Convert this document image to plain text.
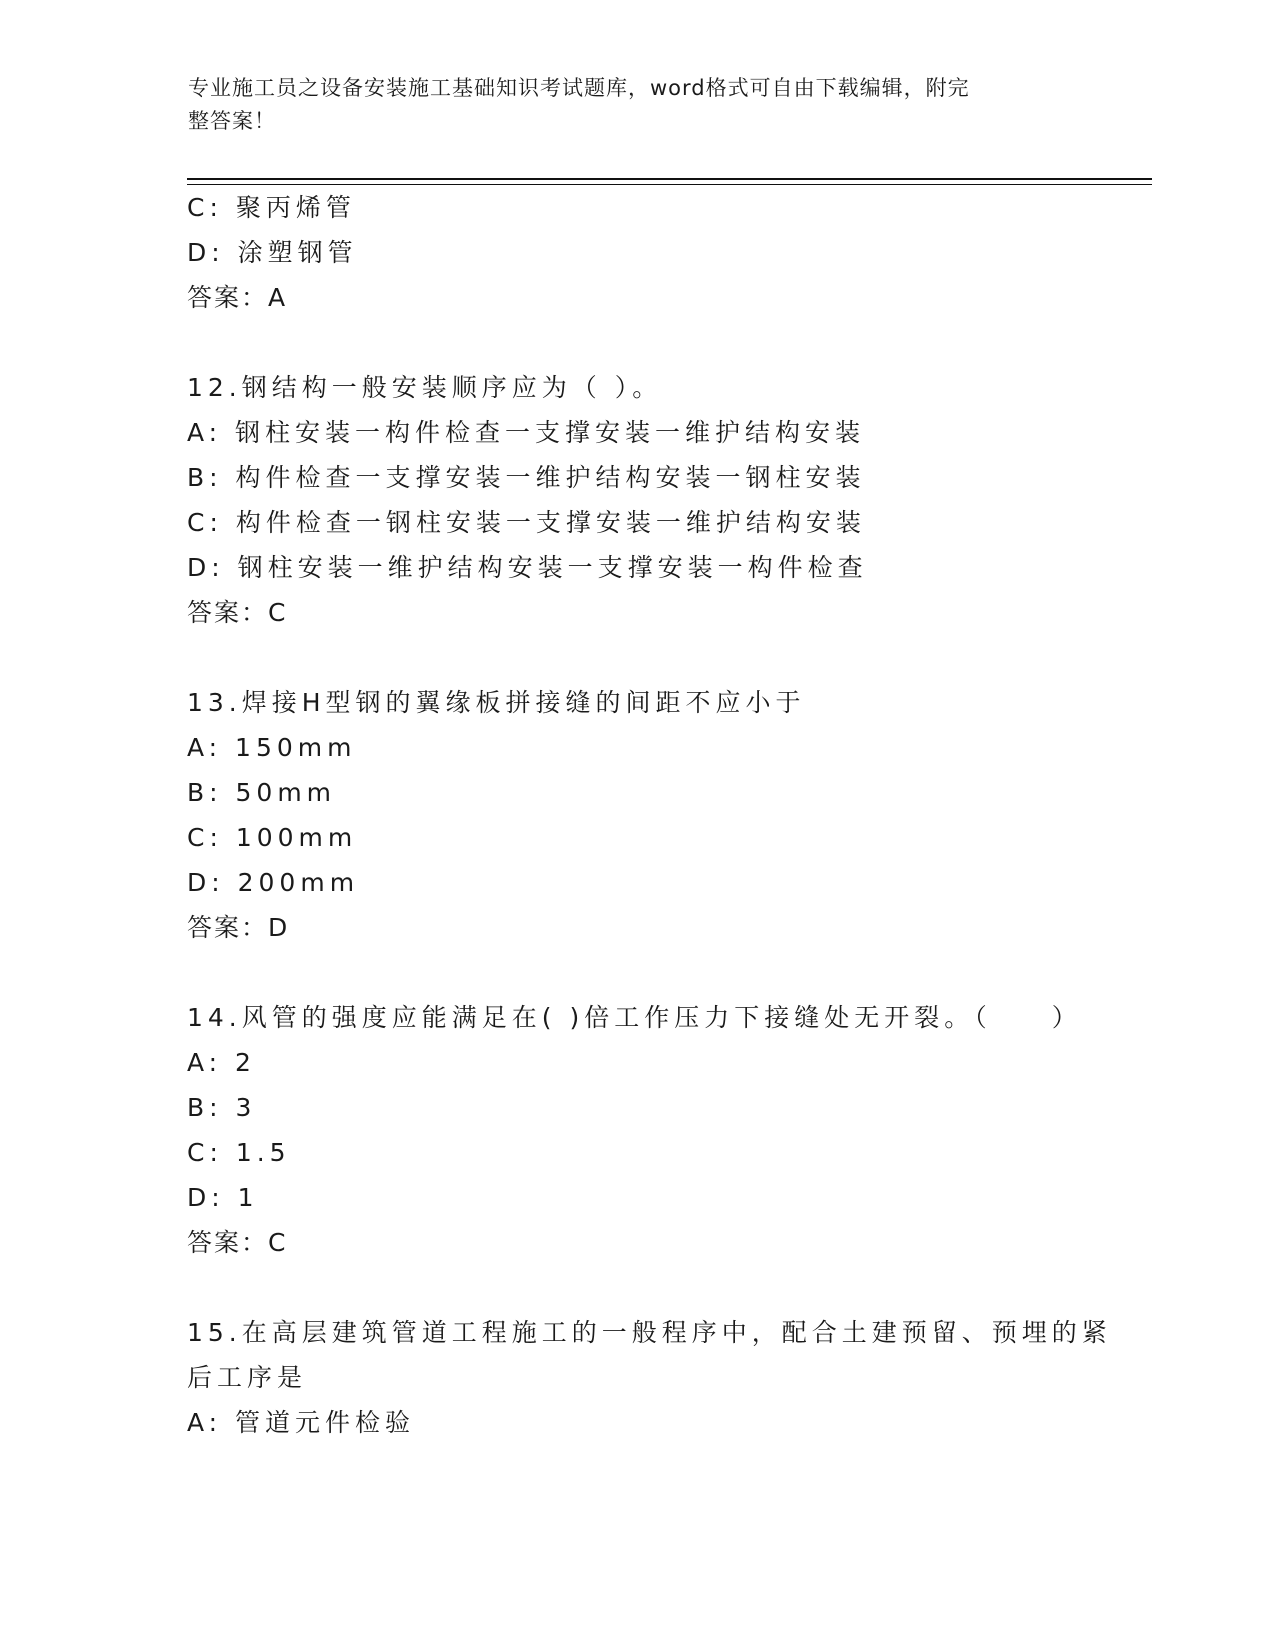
专业施工员之设备安装施工基础知识考试题库，word格式可自由下载编辑，附完
整答案！
C: 聚丙烯管
D: 涂塑钢管
答案：A
12.钢结构一般安装顺序应为（ ）。
A: 钢柱安装一构件检查一支撑安装一维护结构安装
B: 构件检查一支撑安装一维护结构安装一钢柱安装
C: 构件检查一钢柱安装一支撑安装一维护结构安装
D: 钢柱安装一维护结构安装一支撑安装一构件检查
答案：C
13.焊接H型钢的翼缘板拼接缝的间距不应小于
A: 150mm
B: 50mm
C: 100mm
D: 200mm
答案：D
14.风管的强度应能满足在( )倍工作压力下接缝处无开裂。（　　）
A: 2
B: 3
C: 1.5
D: 1
答案：C
15.在高层建筑管道工程施工的一般程序中，配合土建预留、预埋的紧
后工序是
A: 管道元件检验
